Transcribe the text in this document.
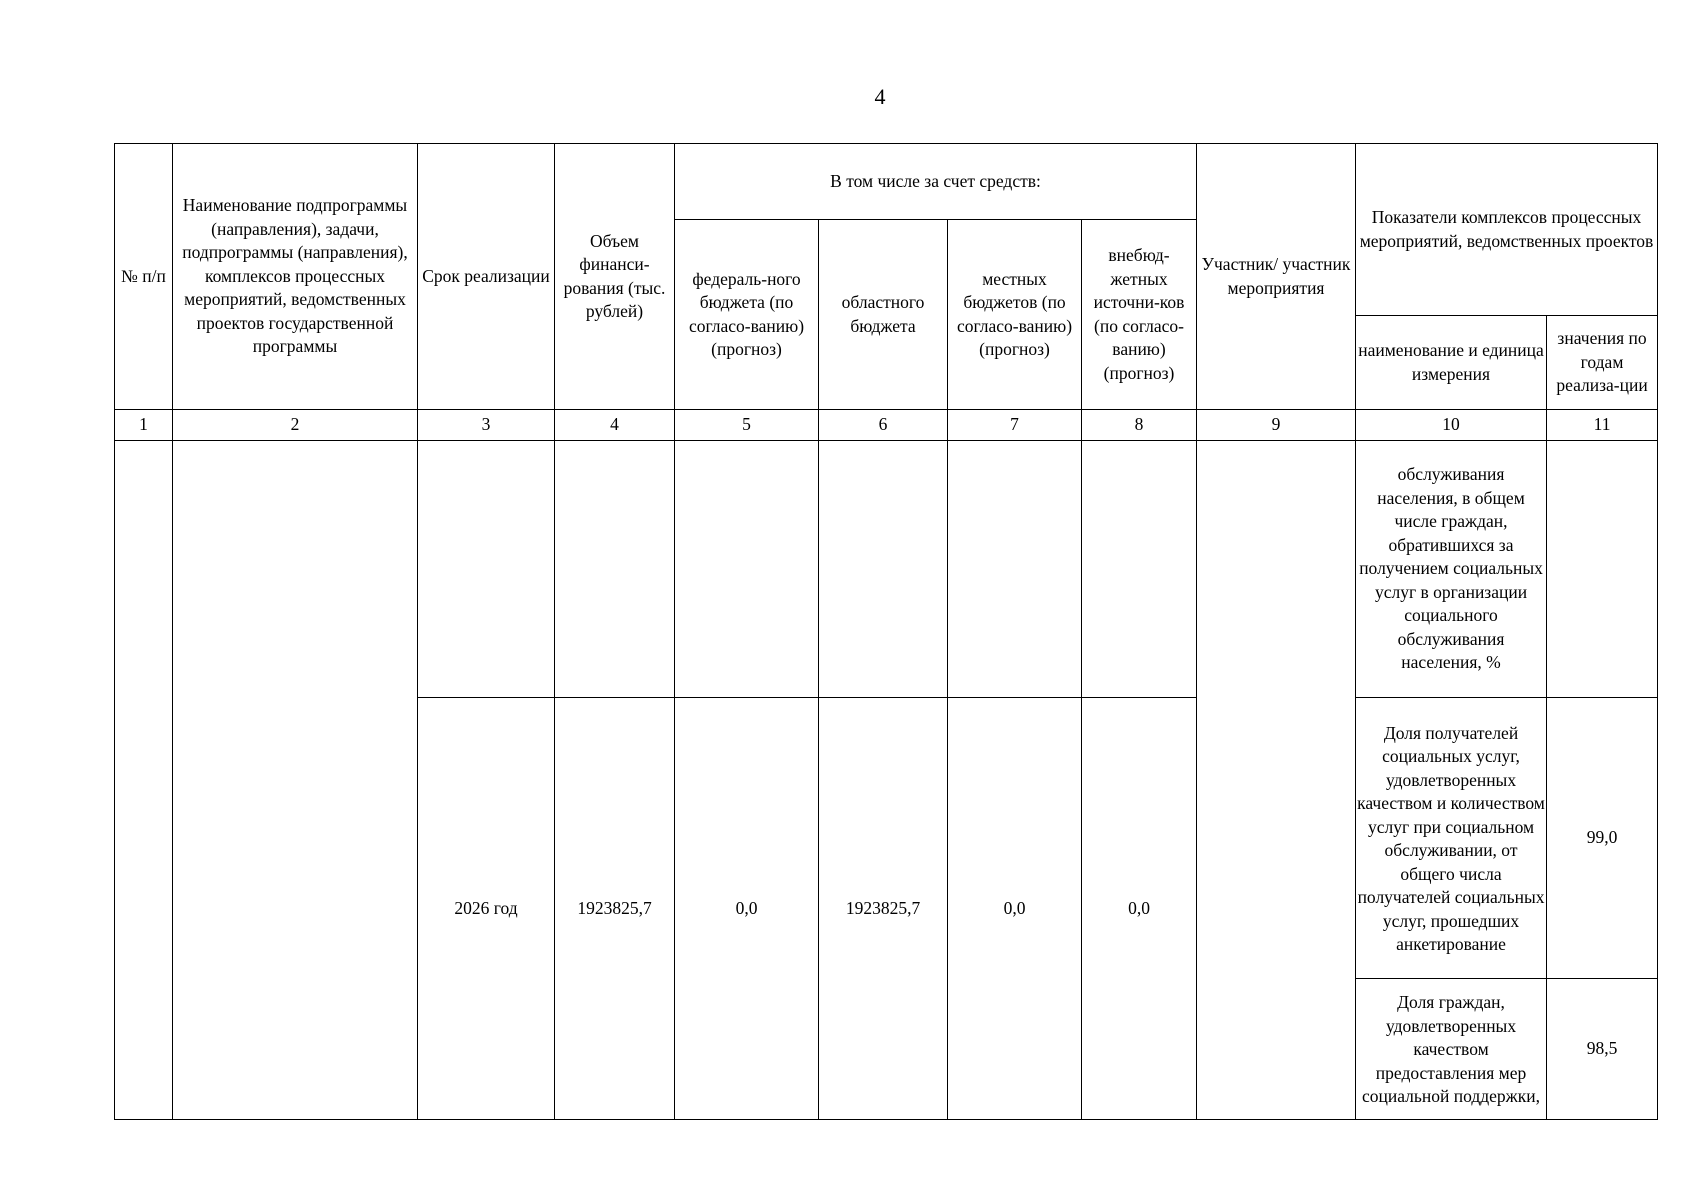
4
№ п/п	Наименование подпрограммы (направления), задачи, подпрограммы (направления), комплексов процессных мероприятий, ведомственных проектов государственной программы	Срок реализации	Объем финанси-рования (тыс. рублей)	В том числе за счет средств:				Участник/ участник мероприятия	Показатели комплексов процессных мероприятий, ведомственных проектов	
				федераль-ного бюджета (по согласо-ванию) (прогноз)	областного бюджета	местных бюджетов (по согласо-ванию) (прогноз)	внебюд-жетных источни-ков (по согласо-ванию) (прогноз)			
									наименование и единица измерения	значения по годам реализа-ции
1	2	3	4	5	6	7	8	9	10	11
									обслуживания населения, в общем числе граждан, обратившихся за получением социальных услуг в организации социального обслуживания населения, %	
		2026 год	1923825,7	0,0	1923825,7	0,0	0,0		Доля получателей социальных услуг, удовлетворенных качеством и количеством услуг при социальном обслуживании, от общего числа получателей социальных услуг, прошедших анкетирование	99,0
									Доля граждан, удовлетворенных качеством предоставления мер социальной поддержки,	98,5
